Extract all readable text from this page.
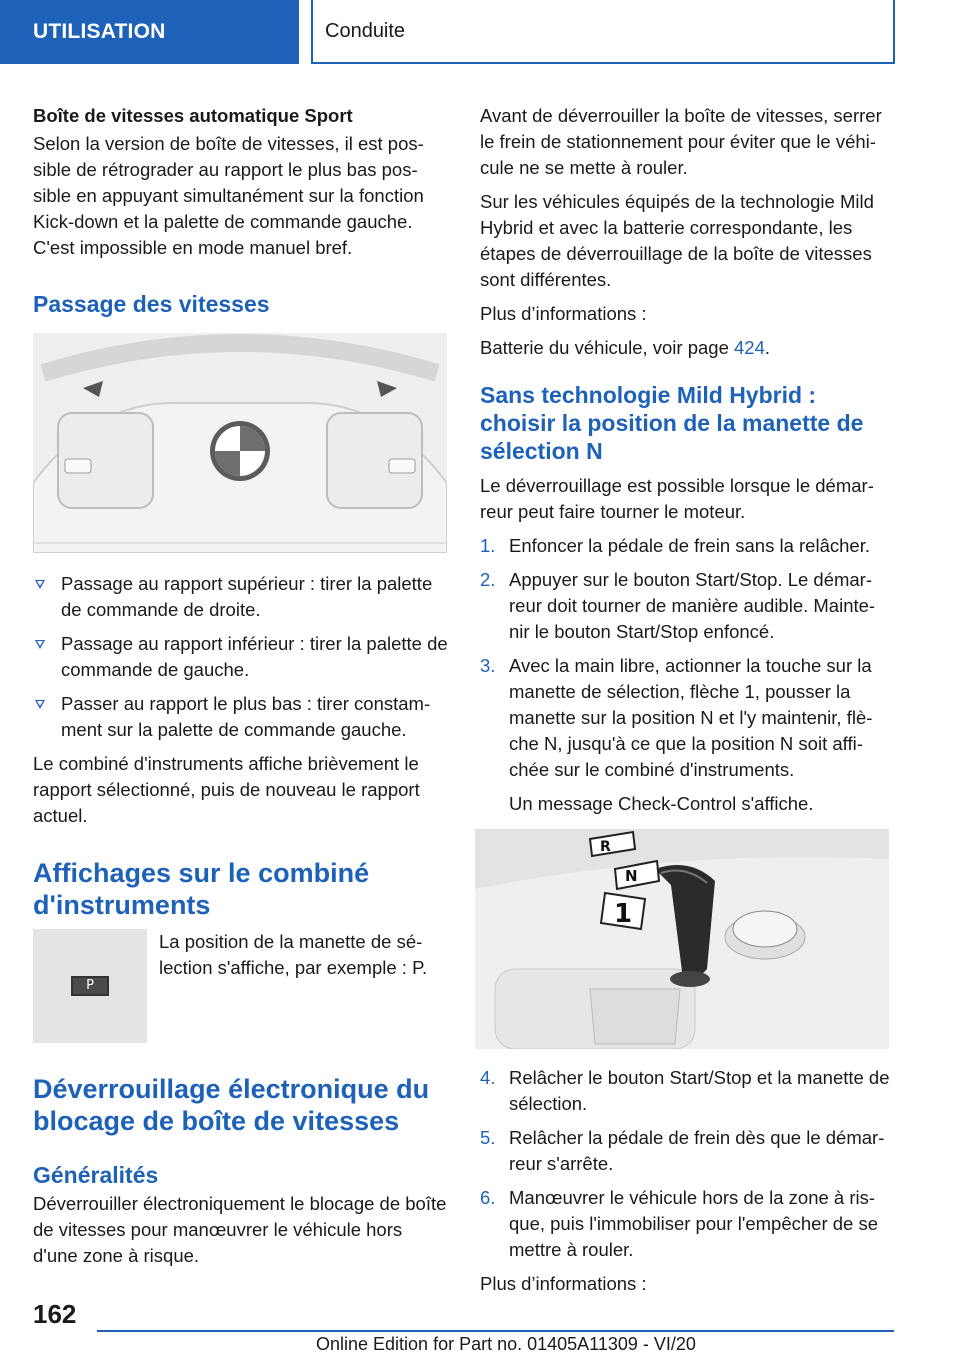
UTILISATION	Conduite

Boîte de vitesses automatique Sport

Selon la version de boîte de vitesses, il est pos-sible de rétrograder au rapport le plus bas pos-sible en appuyant simultanément sur la fonction Kick-down et la palette de commande gauche. C'est impossible en mode manuel bref.

Passage des vitesses
Passage au rapport supérieur : tirer la palette de commande de droite.
Passage au rapport inférieur : tirer la palette de commande de gauche.
Passer au rapport le plus bas : tirer constam-ment sur la palette de commande gauche.

Le combiné d'instruments affiche brièvement le rapport sélectionné, puis de nouveau le rapport actuel.

Affichages sur le combiné d'instruments
P
La position de la manette de sé-lection s'affiche, par exemple : P.
Déverrouillage électronique du blocage de boîte de vitesses
Généralités

Déverrouiller électroniquement le blocage de boîte de vitesses pour manœuvrer le véhicule hors d'une zone à risque.

Avant de déverrouiller la boîte de vitesses, serrer le frein de stationnement pour éviter que le véhi-cule ne se mette à rouler.

Sur les véhicules équipés de la technologie Mild Hybrid et avec la batterie correspondante, les étapes de déverrouillage de la boîte de vitesses sont différentes.

Plus d’informations :

Batterie du véhicule, voir page 424.

Sans technologie Mild Hybrid : choisir la position de la manette de sélection N

Le déverrouillage est possible lorsque le démar-reur peut faire tourner le moteur.

1. Enfoncer la pédale de frein sans la relâcher.
2. Appuyer sur le bouton Start/Stop. Le démar-reur doit tourner de manière audible. Mainte-nir le bouton Start/Stop enfoncé.
3. Avec la main libre, actionner la touche sur la manette de sélection, flèche 1, pousser la manette sur la position N et l'y maintenir, flè-che N, jusqu'à ce que la position N soit affi-chée sur le combiné d'instruments.
Un message Check-Control s'affiche.
R
N
1
4. Relâcher le bouton Start/Stop et la manette de sélection.
5. Relâcher la pédale de frein dès que le démar-reur s'arrête.
6. Manœuvrer le véhicule hors de la zone à ris-que, puis l'immobiliser pour l'empêcher de se mettre à rouler.

Plus d’informations :

162
Online Edition for Part no. 01405A11309 - VI/20
